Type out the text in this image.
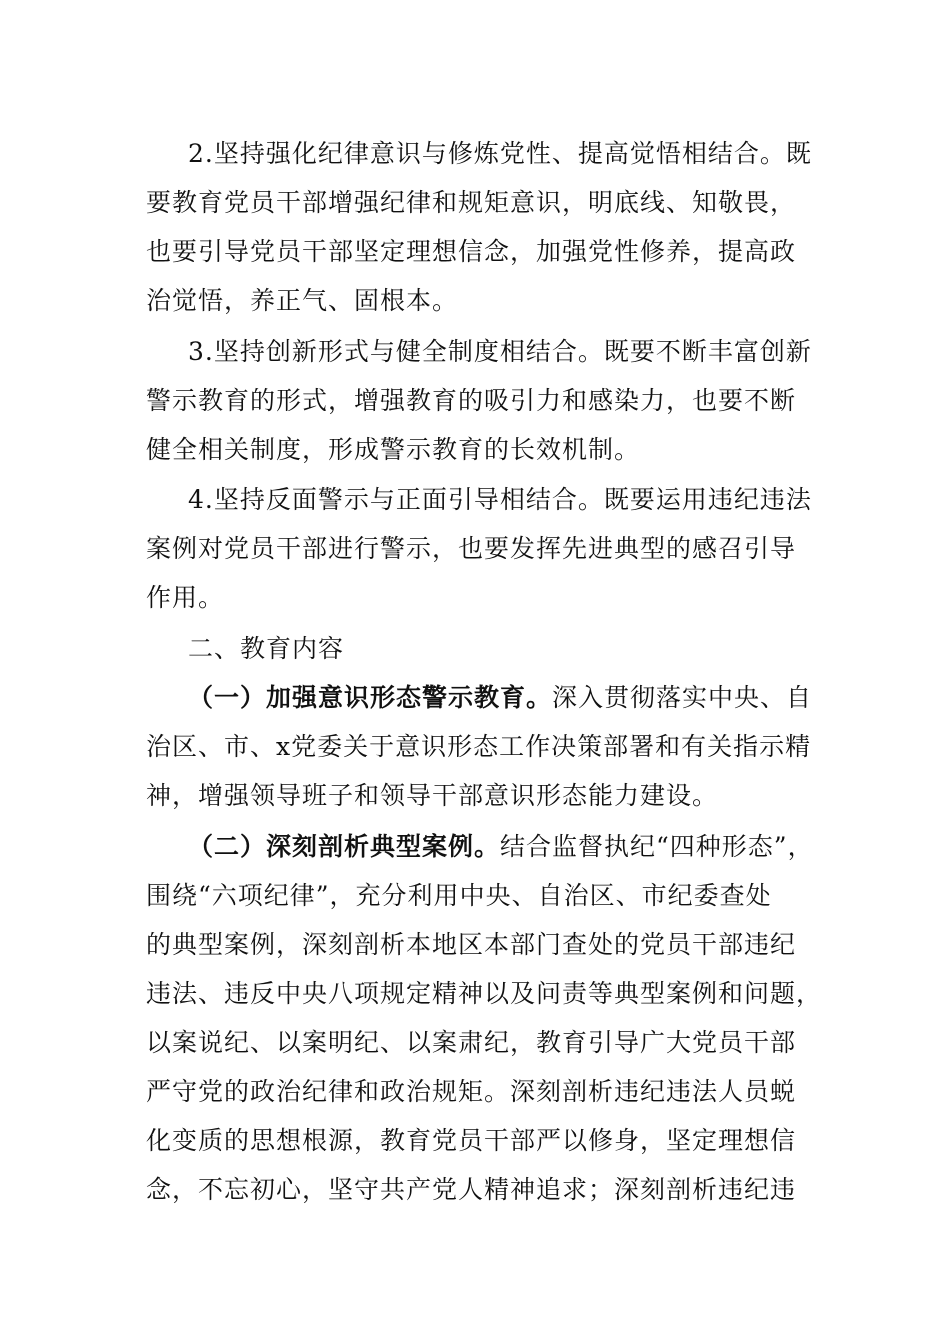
2.坚持强化纪律意识与修炼党性、提高觉悟相结合。既
要教育党员干部增强纪律和规矩意识，明底线、知敬畏，
也要引导党员干部坚定理想信念，加强党性修养，提高政
治觉悟，养正气、固根本。
3.坚持创新形式与健全制度相结合。既要不断丰富创新
警示教育的形式，增强教育的吸引力和感染力，也要不断
健全相关制度，形成警示教育的长效机制。
4.坚持反面警示与正面引导相结合。既要运用违纪违法
案例对党员干部进行警示，也要发挥先进典型的感召引导
作用。
二、教育内容
（一）加强意识形态警示教育。深入贯彻落实中央、自
治区、市、x党委关于意识形态工作决策部署和有关指示精
神，增强领导班子和领导干部意识形态能力建设。
（二）深刻剖析典型案例。结合监督执纪“四种形态”，
围绕“六项纪律”，充分利用中央、自治区、市纪委查处
的典型案例，深刻剖析本地区本部门查处的党员干部违纪
违法、违反中央八项规定精神以及问责等典型案例和问题，
以案说纪、以案明纪、以案肃纪，教育引导广大党员干部
严守党的政治纪律和政治规矩。深刻剖析违纪违法人员蜕
化变质的思想根源，教育党员干部严以修身，坚定理想信
念，不忘初心，坚守共产党人精神追求；深刻剖析违纪违
